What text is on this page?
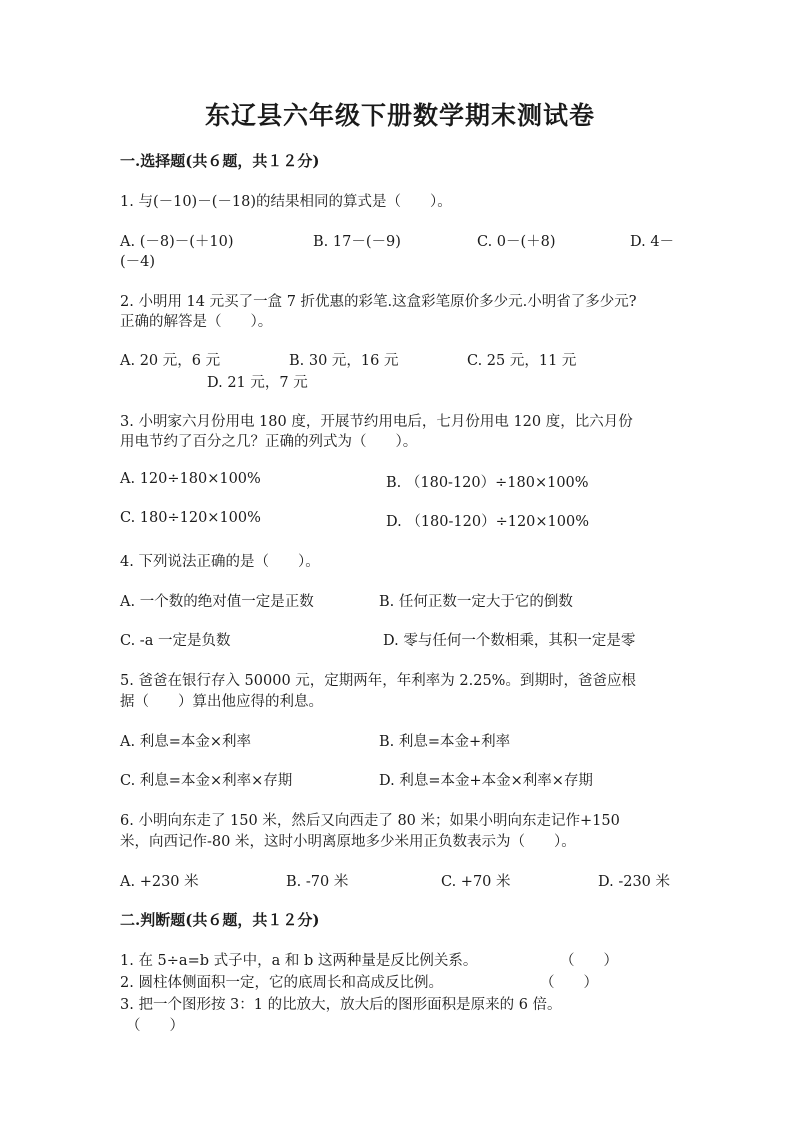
东辽县六年级下册数学期末测试卷
一.选择题(共６题，共１２分)
1. 与(－10)－(－18)的结果相同的算式是（　　）。
A. (－8)－(＋10)	B. 17－(－9)	C. 0－(＋8)	D. 4－
(－4)
2. 小明用 14 元买了一盒 7 折优惠的彩笔.这盒彩笔原价多少元.小明省了多少元?
正确的解答是（　　）。
A. 20 元，6 元	B. 30 元，16 元	C. 25 元，11 元
D. 21 元，7 元
3. 小明家六月份用电 180 度，开展节约用电后，七月份用电 120 度，比六月份
用电节约了百分之几？正确的列式为（　　）。
A. 120÷180×100%	B. （180-120）÷180×100%
C. 180÷120×100%	D. （180-120）÷120×100%
4. 下列说法正确的是（　　）。
A. 一个数的绝对值一定是正数	B. 任何正数一定大于它的倒数
C. -a 一定是负数	D. 零与任何一个数相乘，其积一定是零
5. 爸爸在银行存入 50000 元，定期两年，年利率为 2.25%。到期时，爸爸应根
据（　　）算出他应得的利息。
A. 利息=本金×利率	B. 利息=本金+利率
C. 利息=本金×利率×存期	D. 利息=本金+本金×利率×存期
6. 小明向东走了 150 米，然后又向西走了 80 米；如果小明向东走记作+150
米，向西记作-80 米，这时小明离原地多少米用正负数表示为（　　）。
A. +230 米	B. -70 米	C. +70 米	D. -230 米
二.判断题(共６题，共１２分)
1. 在 5÷a=b 式子中，a 和 b 这两种量是反比例关系。	（　　）
2. 圆柱体侧面积一定，它的底周长和高成反比例。	（　　）
3. 把一个图形按 3：1 的比放大，放大后的图形面积是原来的 6 倍。
（　　）
